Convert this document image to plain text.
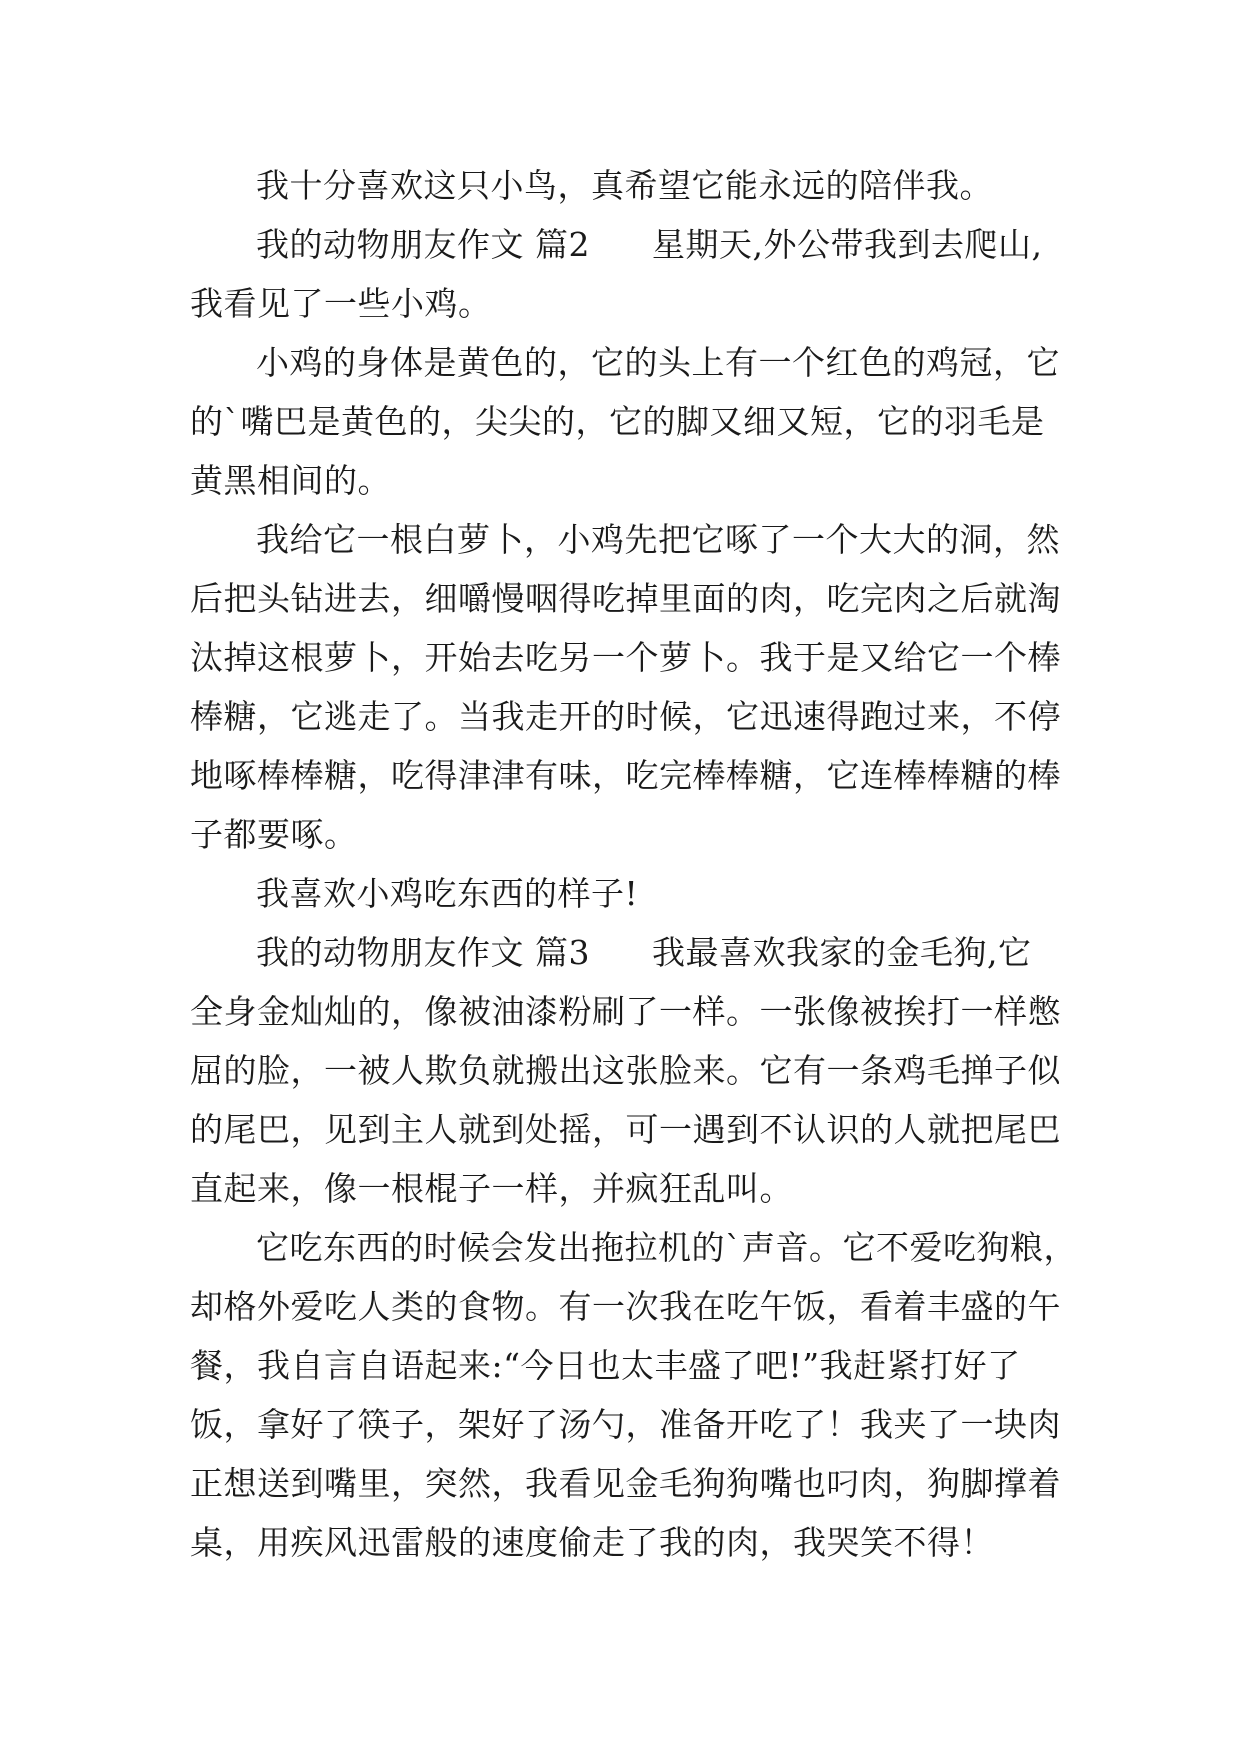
我十分喜欢这只小鸟，真希望它能永远的陪伴我。
我的动物朋友作文 篇2 星期天,外公带我到去爬山,
我看见了一些小鸡。
小鸡的身体是黄色的，它的头上有一个红色的鸡冠，它
的`嘴巴是黄色的，尖尖的，它的脚又细又短，它的羽毛是
黄黑相间的。
我给它一根白萝卜，小鸡先把它啄了一个大大的洞，然
后把头钻进去，细嚼慢咽得吃掉里面的肉，吃完肉之后就淘
汰掉这根萝卜，开始去吃另一个萝卜。我于是又给它一个棒
棒糖，它逃走了。当我走开的时候，它迅速得跑过来，不停
地啄棒棒糖，吃得津津有味，吃完棒棒糖，它连棒棒糖的棒
子都要啄。
我喜欢小鸡吃东西的样子!
我的动物朋友作文 篇3 我最喜欢我家的金毛狗,它
全身金灿灿的，像被油漆粉刷了一样。一张像被挨打一样憋
屈的脸，一被人欺负就搬出这张脸来。它有一条鸡毛掸子似
的尾巴，见到主人就到处摇，可一遇到不认识的人就把尾巴
直起来，像一根棍子一样，并疯狂乱叫。
它吃东西的时候会发出拖拉机的`声音。它不爱吃狗粮，
却格外爱吃人类的食物。有一次我在吃午饭，看着丰盛的午
餐，我自言自语起来:“今日也太丰盛了吧!”我赶紧打好了
饭，拿好了筷子，架好了汤勺，准备开吃了！我夹了一块肉
正想送到嘴里，突然，我看见金毛狗狗嘴也叼肉，狗脚撑着
桌，用疾风迅雷般的速度偷走了我的肉，我哭笑不得！
